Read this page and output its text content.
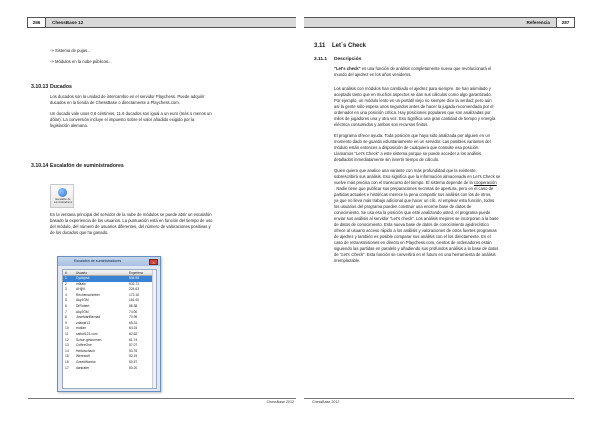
286	ChessBase 12
-> Sistema de pujas...
-> Módulos en la nube públicos...
3.10.13 Ducados
Los ducados son la unidad de intercambio en el servidor Playchess. Puede adquirir
ducados en la tienda de ChessBase o directamente a Playchess.com.
Un ducado vale unos 0,6 céntimos, 11.6 ducados son igual a un euro (más o menos un
dólar). La conversión incluye el impuesto sobre el valor añadido exigido por la
legislación alemana.
3.10.14 Escalafón de suministradores
Escalafón de
suministradores
En la ventana principal del servidor de la nube de módulos se puede abrir un escalafón
basado la experiencia de los usuarios. La puntuación está en función del tiempo de uso
del módulo, del número de usuarios diferentes, del número de valoraciones positivas y
de los ducados que ha ganado.
Escalafón de suministradores	×
#	Usuario	Experienc
1	Cyclops4	694.95
2	in9tain	532.72
3	AH||IK	224.63
4	Rechenschieber	172.16
5	Aky1GM	116.40
6	DrRobert	86.38
7	Aky2GM	74.00
8	JoseMartBernad	70.99
9	zdawid13	65.31
10 motian	64.15
11 calturi123 com	62.62
12 Schon gewonnen	61.74
13 CoffeeOne	57.07
14 Heikoschach	53.76
15 Werewolf	52.19
16 GreekWarrior	50.57
17 darkrater	50.20
ChessBase 2012
Referencia	287
3.11 Let´s Check
3.11.1 Descripción
"Let's check" es una función de análisis completamente nueva que revolucionará el
mundo del ajedrez en los años venideros.
Los análisis con módulos han cambiado el ajedrez para siempre. Se han asimilado y
aceptado tanto que en muchos aspectos se dan sus cálculos como algo garantizado.
Por ejemplo, un módulo lento en un portátil viejo no siempre dice la verdad; pero aún
así la gente sólo espera unos segundos antes de hacer la jugada recomendada por el
ordenador en una posición crítica. Hay posiciones populares que son analizadas por
miles de jugadores una y otra vez. Eso significa una gran cantidad de tiempo y energía
eléctrica consumidos y ambos son recursos finitos.
El programa ofrece ayuda. Toda posición que haya sido analizada por alguien en un
momento dado se guarda voluntariamente en un servidor. Las posibles variantes del
módulo están entonces a disposición de cualquiera que consulte esa posición.
Llamamos "Let's Check" a este sistema porque se puede acceder a los análisis
detallados inmediatamente sin invertir tiempo de cálculo.
Quien quiera que analice una variante con más profundidad que la existente,
sobrescribirá sus análisis. Eso significa que la información almacenada en Let's Check se
vuelve más precisa con el transcurso del tiempo. El sistema depende de la cooperación
. Nadie tiene que publicar sus preparaciones secretas de apertura, pero en el caso de
partidas actuales e históricas merece la pena compartir sus análisis con los de otros,
ya que no lleva más trabajo adicional que hacer un clic. Al emplear esta función, todos
los usuarios del programa pueden construir una enorme base de datos de
conocimiento. Se usa esa la posición que esté analizando usted, el programa puede
enviar sus análisis al servidor "Let's check". Los análisis mejores se incorporan a la base
de datos de conocimiento. Esta nueva base de datos de conocimiento ajedrecístico
ofrece al usuario acceso rápido a los análisis y valoraciones de otros fuertes programas
de ajedrez y también es posible comparar sus análisis con el los directamente. En el
caso de retransmisiones en directo en Playchess.com, cientos de ordenadores están
siguiendo las partidas en paralelo y añadiendo sus profundos análisis a la base de datos
de "Let's Check". Esta función se convertirá en el futuro en una herramienta de análisis
irremplazable.
ChessBase 2012
